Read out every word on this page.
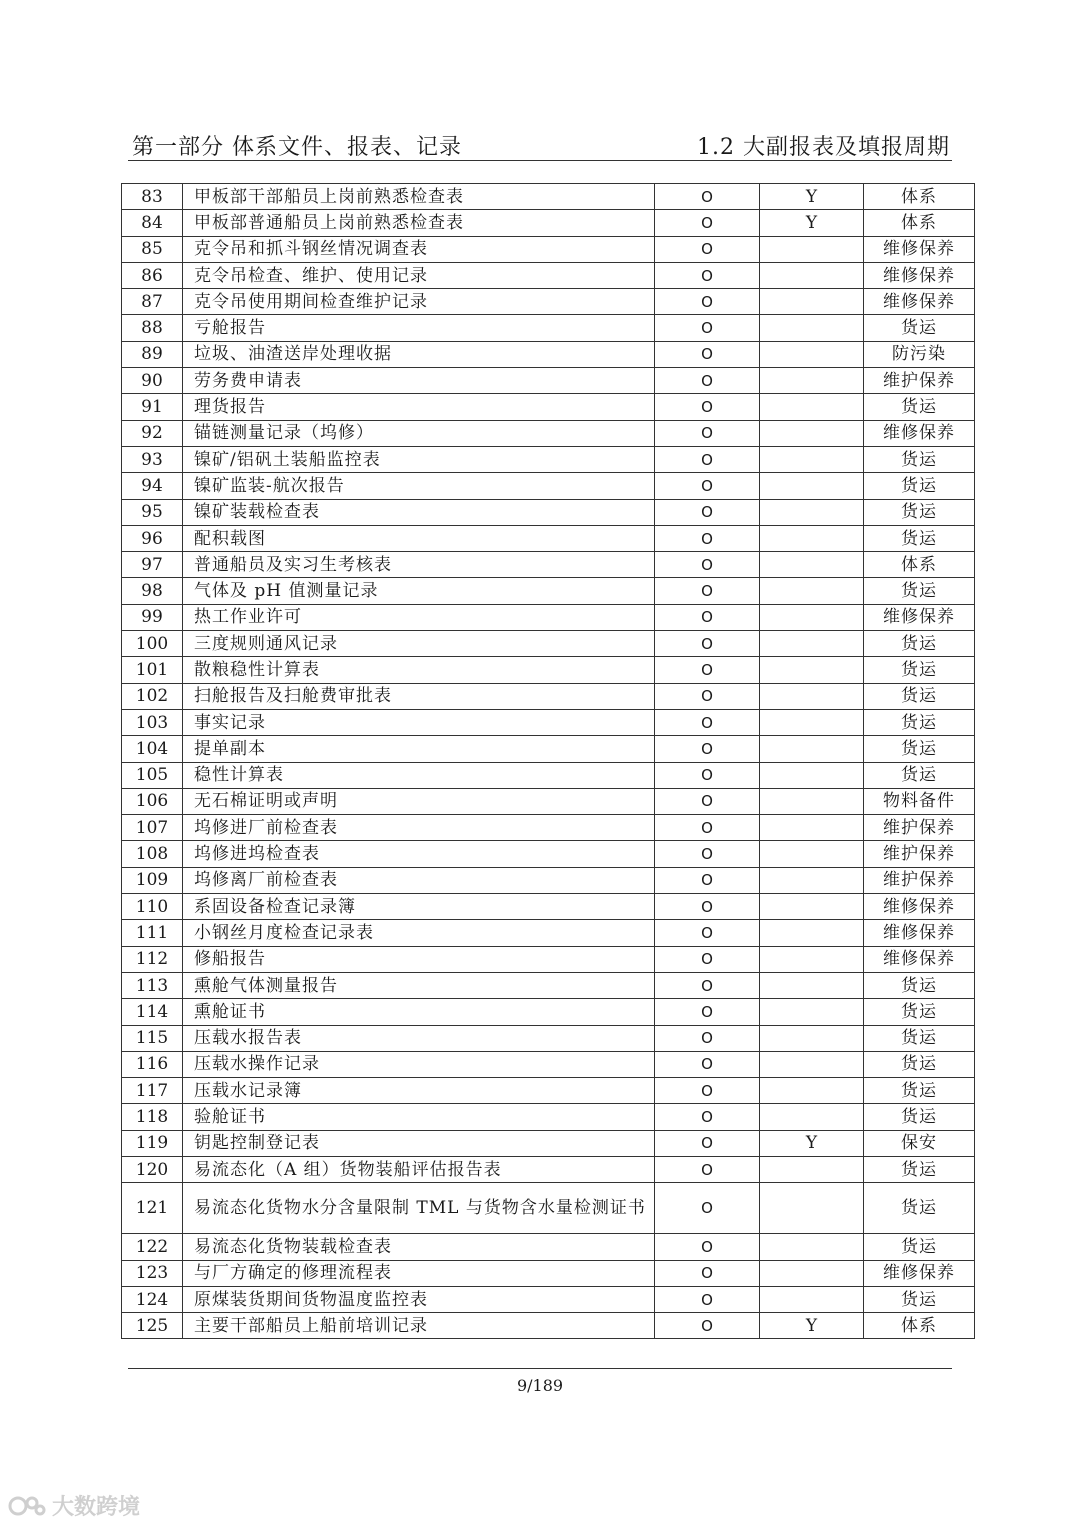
第一部分 体系文件、报表、记录	1.2 大副报表及填报周期
83	甲板部干部船员上岗前熟悉检查表	O	Y	体系
84	甲板部普通船员上岗前熟悉检查表	O	Y	体系
85	克令吊和抓斗钢丝情况调查表	O		维修保养
86	克令吊检查、维护、使用记录	O		维修保养
87	克令吊使用期间检查维护记录	O		维修保养
88	亏舱报告	O		货运
89	垃圾、油渣送岸处理收据	O		防污染
90	劳务费申请表	O		维护保养
91	理货报告	O		货运
92	锚链测量记录（坞修）	O		维修保养
93	镍矿/铝矾土装船监控表	O		货运
94	镍矿监装-航次报告	O		货运
95	镍矿装载检查表	O		货运
96	配积载图	O		货运
97	普通船员及实习生考核表	O		体系
98	气体及 pH 值测量记录	O		货运
99	热工作业许可	O		维修保养
100	三度规则通风记录	O		货运
101	散粮稳性计算表	O		货运
102	扫舱报告及扫舱费审批表	O		货运
103	事实记录	O		货运
104	提单副本	O		货运
105	稳性计算表	O		货运
106	无石棉证明或声明	O		物料备件
107	坞修进厂前检查表	O		维护保养
108	坞修进坞检查表	O		维护保养
109	坞修离厂前检查表	O		维护保养
110	系固设备检查记录簿	O		维修保养
111	小钢丝月度检查记录表	O		维修保养
112	修船报告	O		维修保养
113	熏舱气体测量报告	O		货运
114	熏舱证书	O		货运
115	压载水报告表	O		货运
116	压载水操作记录	O		货运
117	压载水记录簿	O		货运
118	验舱证书	O		货运
119	钥匙控制登记表	O	Y	保安
120	易流态化（A 组）货物装船评估报告表	O		货运
121	易流态化货物水分含量限制 TML 与货物含水量检测证书	O		货运
122	易流态化货物装载检查表	O		货运
123	与厂方确定的修理流程表	O		维修保养
124	原煤装货期间货物温度监控表	O		货运
125	主要干部船员上船前培训记录	O	Y	体系
9/189
大数跨境
